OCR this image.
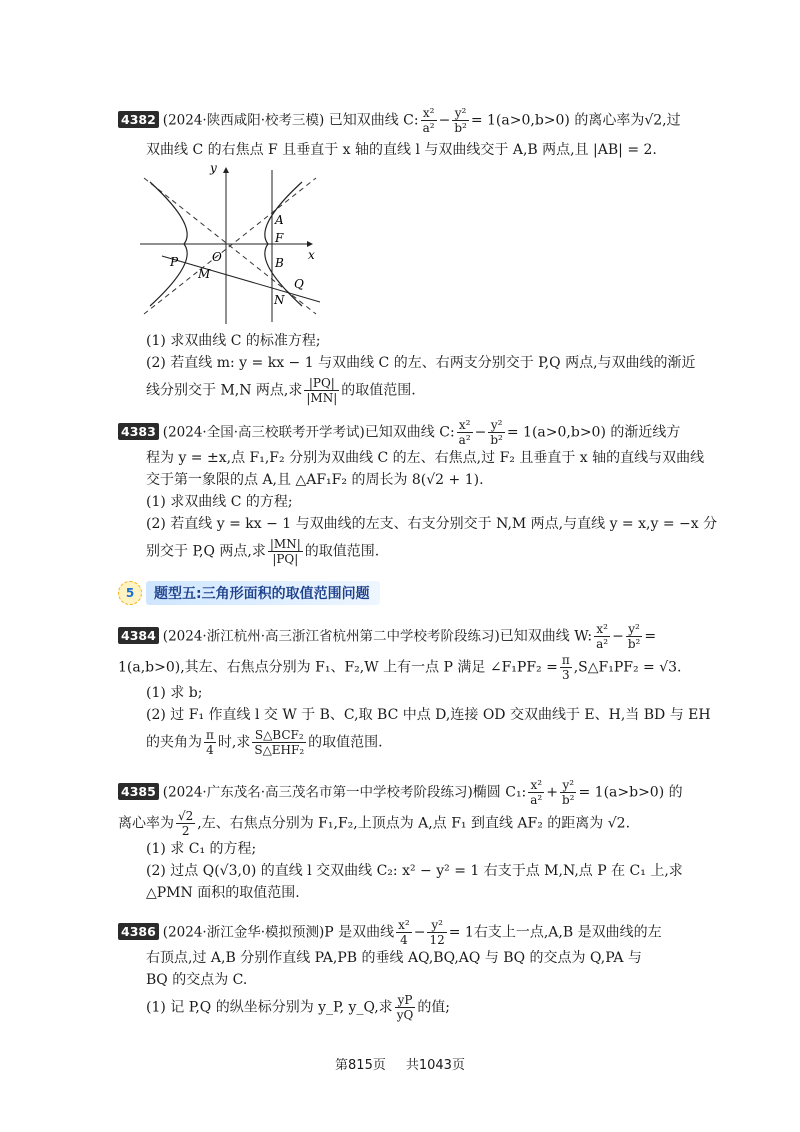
4382 (2024·陕西咸阳·校考三模) 已知双曲线 C: $\frac{\text{x²}}{\text{a²}} - \frac{\text{y²}}{\text{b²}} = 1(a>0,b>0)$ 的离心率为√2,过
双曲线 C 的右焦点 F 且垂直于 x 轴的直线 l 与双曲线交于 A,B 两点,且 |AB| = 2.
y
x
A
F
B
O
P
M
Q
N
(1) 求双曲线 C 的标准方程;
(2) 若直线 m: y = kx − 1 与双曲线 C 的左、右两支分别交于 P,Q 两点,与双曲线的渐近
线分别交于 M,N 两点,求 $\frac{|PQ|}{|MN|}$ 的取值范围.
4383 (2024·全国·高三校联考开学考试)已知双曲线 C: $\frac{\text{x²}}{\text{a²}} - \frac{\text{y²}}{\text{b²}} = 1(a>0,b>0)$ 的渐近线方
程为 y = ±x,点 F₁,F₂ 分别为双曲线 C 的左、右焦点,过 F₂ 且垂直于 x 轴的直线与双曲线
交于第一象限的点 A,且 △AF₁F₂ 的周长为 8(√2 + 1).
(1) 求双曲线 C 的方程;
(2) 若直线 y = kx − 1 与双曲线的左支、右支分别交于 N,M 两点,与直线 y = x,y = −x 分
别交于 P,Q 两点,求 $\frac{|MN|}{|PQ|}$ 的取值范围.
5	题型五:三角形面积的取值范围问题
4384 (2024·浙江杭州·高三浙江省杭州第二中学校考阶段练习)已知双曲线 W: $\frac{\text{x²}}{\text{a²}} - \frac{\text{y²}}{\text{b²}}$ =
1(a,b>0),其左、右焦点分别为 F₁、F₂,W 上有一点 P 满足 ∠F₁PF₂ = $\frac{\pi}{3}$ ,S△F₁PF₂ = √3.
(1) 求 b;
(2) 过 F₁ 作直线 l 交 W 于 B、C,取 BC 中点 D,连接 OD 交双曲线于 E、H,当 BD 与 EH
的夹角为 $\frac{\pi}{4}$ 时,求 $\frac{\text{S△BCF₂}}{\text{S△EHF₂}}$ 的取值范围.
4385 (2024·广东茂名·高三茂名市第一中学校考阶段练习)椭圆 C₁: $\frac{\text{x²}}{\text{a²}} + \frac{\text{y²}}{\text{b²}} = 1(a>b>0)$ 的
离心率为 $\frac{√2}{2}$ ,左、右焦点分别为 F₁,F₂,上顶点为 A,点 F₁ 到直线 AF₂ 的距离为 √2.
(1) 求 C₁ 的方程;
(2) 过点 Q(√3,0) 的直线 l 交双曲线 C₂: x² − y² = 1 右支于点 M,N,点 P 在 C₁ 上,求
△PMN 面积的取值范围.
4386 (2024·浙江金华·模拟预测)P 是双曲线 $\frac{\text{x²}}{4} - \frac{\text{y²}}{12} = 1$右支上一点,A,B 是双曲线的左
右顶点,过 A,B 分别作直线 PA,PB 的垂线 AQ,BQ,AQ 与 BQ 的交点为 Q,PA 与
BQ 的交点为 C.
(1) 记 P,Q 的纵坐标分别为 y_P, y_Q,求 $\frac{yP}{yQ}$ 的值;
第815页 共1043页
